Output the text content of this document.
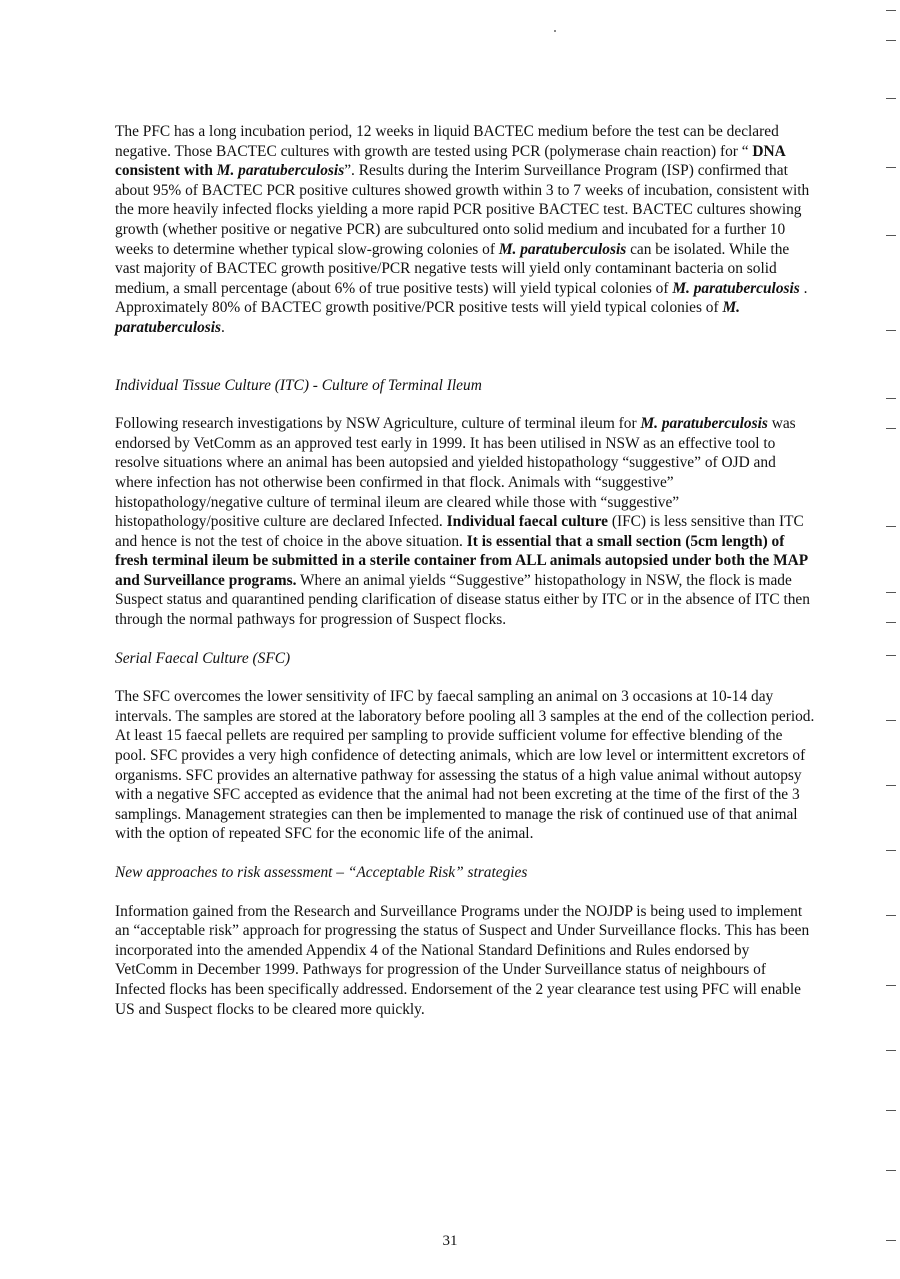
The PFC has a long incubation period, 12 weeks in liquid BACTEC medium before the test can be declared negative. Those BACTEC cultures with growth are tested using PCR (polymerase chain reaction) for “ DNA consistent with M. paratuberculosis”. Results during the Interim Surveillance Program (ISP) confirmed that about 95% of BACTEC PCR positive cultures showed growth within 3 to 7 weeks of incubation, consistent with the more heavily infected flocks yielding a more rapid PCR positive BACTEC test. BACTEC cultures showing growth (whether positive or negative PCR) are subcultured onto solid medium and incubated for a further 10 weeks to determine whether typical slow-growing colonies of M. paratuberculosis can be isolated. While the vast majority of BACTEC growth positive/PCR negative tests will yield only contaminant bacteria on solid medium, a small percentage (about 6% of true positive tests) will yield typical colonies of M. paratuberculosis . Approximately 80% of BACTEC growth positive/PCR positive tests will yield typical colonies of M. paratuberculosis.

Individual Tissue Culture (ITC) - Culture of Terminal Ileum

Following research investigations by NSW Agriculture, culture of terminal ileum for M. paratuberculosis was endorsed by VetComm as an approved test early in 1999. It has been utilised in NSW as an effective tool to resolve situations where an animal has been autopsied and yielded histopathology “suggestive” of OJD and where infection has not otherwise been confirmed in that flock. Animals with “suggestive” histopathology/negative culture of terminal ileum are cleared while those with “suggestive” histopathology/positive culture are declared Infected. Individual faecal culture (IFC) is less sensitive than ITC and hence is not the test of choice in the above situation. It is essential that a small section (5cm length) of fresh terminal ileum be submitted in a sterile container from ALL animals autopsied under both the MAP and Surveillance programs. Where an animal yields “Suggestive” histopathology in NSW, the flock is made Suspect status and quarantined pending clarification of disease status either by ITC or in the absence of ITC then through the normal pathways for progression of Suspect flocks.

Serial Faecal Culture (SFC)

The SFC overcomes the lower sensitivity of IFC by faecal sampling an animal on 3 occasions at 10-14 day intervals. The samples are stored at the laboratory before pooling all 3 samples at the end of the collection period. At least 15 faecal pellets are required per sampling to provide sufficient volume for effective blending of the pool. SFC provides a very high confidence of detecting animals, which are low level or intermittent excretors of organisms. SFC provides an alternative pathway for assessing the status of a high value animal without autopsy with a negative SFC accepted as evidence that the animal had not been excreting at the time of the first of the 3 samplings. Management strategies can then be implemented to manage the risk of continued use of that animal with the option of repeated SFC for the economic life of the animal.

New approaches to risk assessment – “Acceptable Risk” strategies

Information gained from the Research and Surveillance Programs under the NOJDP is being used to implement an “acceptable risk” approach for progressing the status of Suspect and Under Surveillance flocks. This has been incorporated into the amended Appendix 4 of the National Standard Definitions and Rules endorsed by VetComm in December 1999. Pathways for progression of the Under Surveillance status of neighbours of Infected flocks has been specifically addressed. Endorsement of the 2 year clearance test using PFC will enable US and Suspect flocks to be cleared more quickly.

31
